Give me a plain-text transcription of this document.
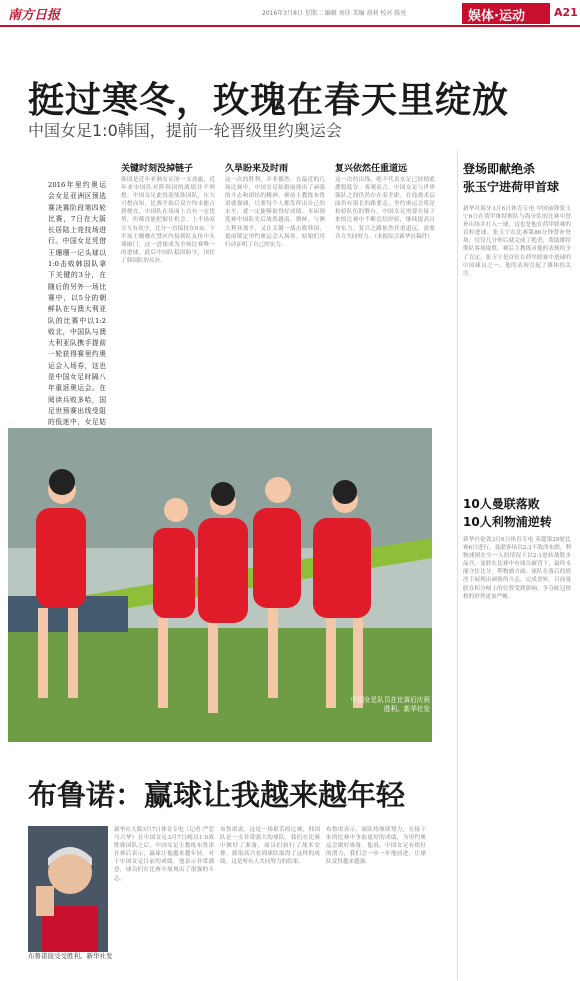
南方日报	2016年3月8日 星期二 编辑 刘佳 美编 胡莉 校对 陈亮	娱体·运动	A21
挺过寒冬，玫瑰在春天里绽放
中国女足1:0韩国，提前一轮晋级里约奥运会
2016年里约奥运会女足亚洲区预选赛决赛阶段第四轮比赛，7日在大阪长居陆上竞技场进行。中国女足凭借王珊珊一记头球以1:0击败韩国队拿下关键的3分，在随后的另外一场比赛中，以5分的朝鲜队在与澳大利亚队的比赛中以1:2败北，中国队与澳大利亚队携手提前一轮获得赛里约奥运会入场券，这也是中国女足时隔八年重返奥运会。在阅读兵败多哈，国足世预赛出线受阻的低迷中，女足姑
关键时刻没掉链子
韩国是近年亚洲女足的一支劲旅，近年来中国队对阵韩国的战绩并不理想。中国女足此役迎战韩国队，压力可想而知。比赛开始后双方均未能占到便宜，中国队在场面上占有一定优势，但都没能把握住机会。上半场双方互有攻守，比分一直保持在0:0。下半场王珊珊在禁区内接到队友传中头球破门，这一进球成为全场比赛唯一的进球。此后中国队稳固防守，顶住了韩国队的反扑。
久旱盼来及时雨
这一次的胜利，并非偶然。在最近的几场比赛中，中国女足姑娘展现出了顽强的斗志和团结的精神。赛前主教练布鲁诺就强调，只要每个人都发挥出自己的水平，就一定能够取得好成绩。本届预选赛中国队先后战胜越南、朝鲜，与澳大利亚战平，又在关键一战击败韩国，提前锁定里约奥运会入场券。姑娘们用行动证明了自己的实力。
复兴依然任重道远
这一次的出线，绝不代表女足已经彻底摆脱低谷。客观而言，中国女足与世界强队之间仍然存在着差距，在技战术层面仍有很长的路要走。里约奥运会将是检验队伍的舞台，中国女足需要在接下来的比赛中不断总结经验，继续提高自身实力。复兴之路依然任重道远，需要各方共同努力。（本报综合新华社稿件）
中国女足队员在比赛后庆祝胜利。新华社发
布鲁诺：赢球让我越来越年轻
布鲁诺接受受胜利。新华社发
新华社大阪3月7日体育专电（记者 严恋 马兴华）在中国女足3月7日晚以1:0战胜韩国队之后，中国女足主教练布鲁诺在赛后表示，赢球让他越来越年轻。对于中国女足目前的成绩，他表示非常满意，球员们在比赛中展现出了很强的斗志。
布鲁诺说，这是一场艰苦的比赛，韩国队是一支非常强大的球队。我们在比赛中做好了准备，球员们执行了战术安排。我很高兴看到球队取得了这样的成绩，这是所有人共同努力的结果。
布鲁诺表示，球队将继续努力，在接下来的比赛中争取更好的成绩，为里约奥运会做好准备。他说，中国女足有很好的潜力，我们会一步一步地前进，让球队变得越来越强。
登场即献绝杀
张玉宁进荷甲首球
新华社海牙3月6日体育专电 中国前锋张玉宁6日在荷甲维特斯队与海牙队的比赛中替补出场并打入一球，这也是他在荷甲联赛的首粒进球。张玉宁在比赛第86分钟替补登场，仅仅几分钟后就完成了绝杀，帮助维特斯队客场取胜。赛后主教练对他的表现给予了肯定。张玉宁是首位在荷甲联赛中进球的中国球员之一，他的表现引起了媒体的关注。
10人曼联落败
10人利物浦逆转
新华社伦敦3月6日体育专电 英超第29轮比赛6日进行，曼联客场以2:3不敌西布朗，利物浦则在少一人的情况下以2:1逆转战胜水晶宫。曼联在比赛中有球员被罚下，最终未能守住比分。利物浦方面，球队在落后的情况下展现出顽强的斗志，完成逆转。目前曼联在积分榜上的位置受到影响，争夺欧冠资格的形势更加严峻。
